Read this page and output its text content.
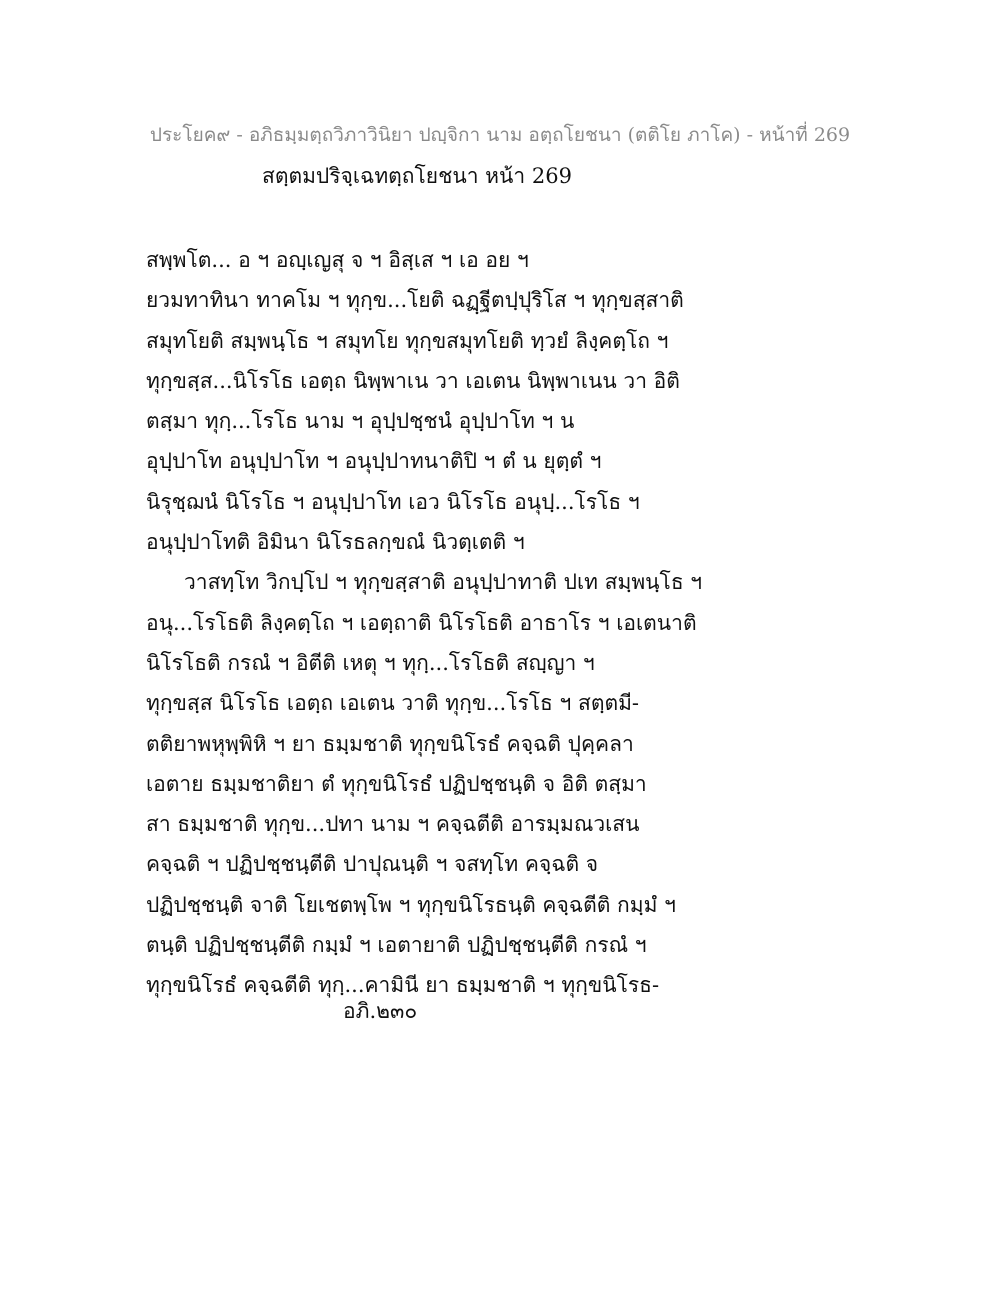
ประโยค๙ - อภิธมฺมตฺถวิภาวินิยา ปญฺจิกา นาม อตฺถโยชนา (ตติโย ภาโค) - หน้าที่ 269
สตฺตมปริจฺเฉทตฺถโยชนา หน้า 269
สพฺพโต... อ ฯ อญฺเญสุ จ ฯ อิสฺเส ฯ เอ อย ฯ
ยวมทาทินา ทาคโม ฯ ทุกฺข...โยติ ฉฏฺฐีตปฺปุริโส ฯ ทุกฺขสฺสาติ
สมุทโยติ สมฺพนฺโธ ฯ สมุทโย ทุกฺขสมุทโยติ ทฺวยํ ลิงฺคตฺโถ ฯ
ทุกฺขสฺส...นิโรโธ เอตฺถ นิพฺพาเน วา เอเตน นิพฺพาเนน วา อิติ
ตสฺมา ทุกฺ...โรโธ นาม ฯ อุปฺปชฺชนํ อุปฺปาโท ฯ น
อุปฺปาโท อนุปฺปาโท ฯ อนุปฺปาทนาติปิ ฯ ตํ น ยุตฺตํ ฯ
นิรุชฺฌนํ นิโรโธ ฯ อนุปฺปาโท เอว นิโรโธ อนุปฺ...โรโธ ฯ
อนุปฺปาโทติ อิมินา นิโรธลกฺขณํ นิวตฺเตติ ฯ
วาสทฺโท วิกปฺโป ฯ ทุกฺขสฺสาติ อนุปฺปาทาติ ปเท สมฺพนฺโธ ฯ
อนุ...โรโธติ ลิงฺคตฺโถ ฯ เอตฺถาติ นิโรโธติ อาธาโร ฯ เอเตนาติ
นิโรโธติ กรณํ ฯ อิตีติ เหตุ ฯ ทุกฺ...โรโธติ สญฺญา ฯ
ทุกฺขสฺส นิโรโธ เอตฺถ เอเตน วาติ ทุกฺข...โรโธ ฯ สตฺตมี-
ตติยาพหุพฺพิหิ ฯ ยา ธมฺมชาติ ทุกฺขนิโรธํ คจฺฉติ ปุคฺคลา
เอตาย ธมฺมชาติยา ตํ ทุกฺขนิโรธํ ปฏิปชฺชนฺติ จ อิติ ตสฺมา
สา ธมฺมชาติ ทุกฺข...ปทา นาม ฯ คจฺฉตีติ อารมฺมณวเสน
คจฺฉติ ฯ ปฏิปชฺชนฺตีติ ปาปุณนฺติ ฯ จสทฺโท คจฺฉติ จ
ปฏิปชฺชนฺติ จาติ โยเชตพฺโพ ฯ ทุกฺขนิโรธนฺติ คจฺฉตีติ กมฺมํ ฯ
ตนฺติ ปฏิปชฺชนฺตีติ กมฺมํ ฯ เอตายาติ ปฏิปชฺชนฺตีติ กรณํ ฯ
ทุกฺขนิโรธํ คจฺฉตีติ ทุกฺ...คามินี ยา ธมฺมชาติ ฯ ทุกฺขนิโรธ-
อภิ.๒๓๐
